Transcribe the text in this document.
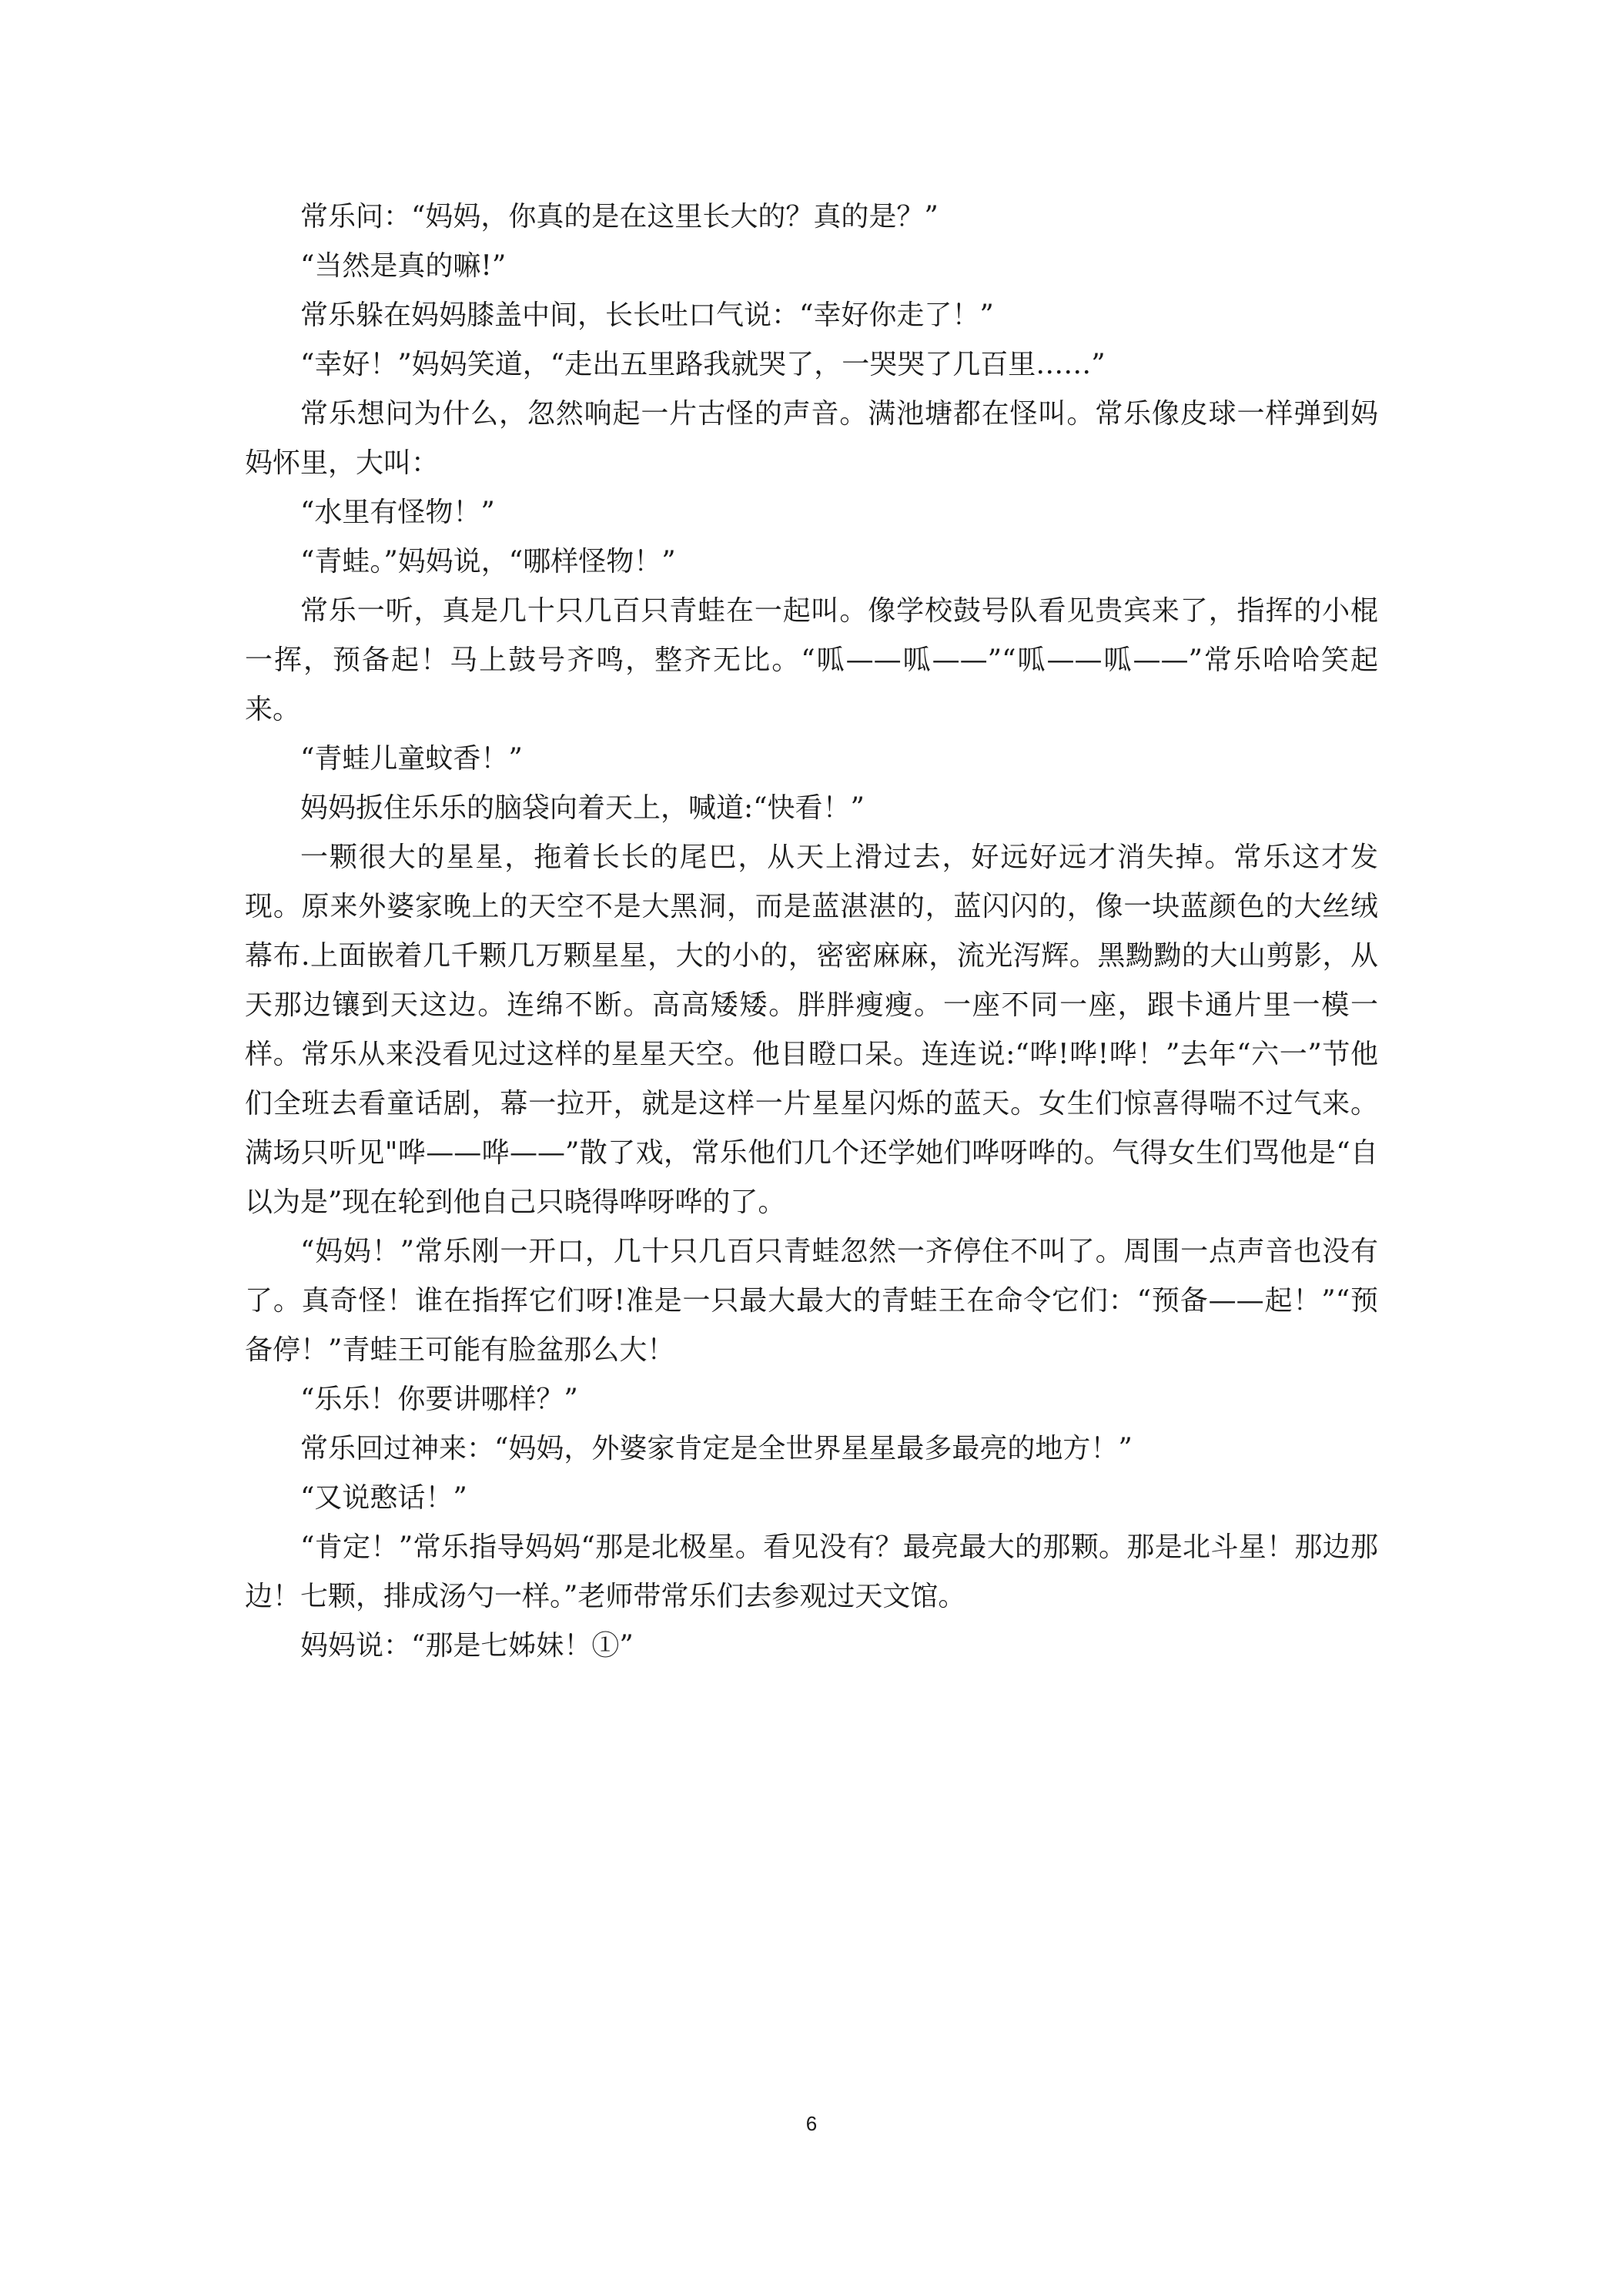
常乐问：“妈妈，你真的是在这里长大的？真的是？”

“当然是真的嘛!”

常乐躲在妈妈膝盖中间，长长吐口气说：“幸好你走了！”

“幸好！”妈妈笑道，“走出五里路我就哭了，一哭哭了几百里……”

常乐想问为什么，忽然响起一片古怪的声音。满池塘都在怪叫。常乐像皮球一样弹到妈妈怀里，大叫：

“水里有怪物！”

“青蛙。”妈妈说，“哪样怪物！”

常乐一听，真是几十只几百只青蛙在一起叫。像学校鼓号队看见贵宾来了，指挥的小棍一挥，预备起！马上鼓号齐鸣，整齐无比。“呱——呱——”“呱——呱——”常乐哈哈笑起来。

“青蛙儿童蚊香！”

妈妈扳住乐乐的脑袋向着天上，喊道:“快看！”

一颗很大的星星，拖着长长的尾巴，从天上滑过去，好远好远才消失掉。常乐这才发现。原来外婆家晚上的天空不是大黑洞，而是蓝湛湛的，蓝闪闪的，像一块蓝颜色的大丝绒幕布.上面嵌着几千颗几万颗星星，大的小的，密密麻麻，流光泻辉。黑黝黝的大山剪影，从天那边镶到天这边。连绵不断。高高矮矮。胖胖瘦瘦。一座不同一座，跟卡通片里一模一样。常乐从来没看见过这样的星星天空。他目瞪口呆。连连说:“哗!哗!哗！”去年“六一”节他们全班去看童话剧，幕一拉开，就是这样一片星星闪烁的蓝天。女生们惊喜得喘不过气来。满场只听见"哗——哗——”散了戏，常乐他们几个还学她们哗呀哗的。气得女生们骂他是“自以为是”现在轮到他自己只晓得哗呀哗的了。

“妈妈！”常乐刚一开口，几十只几百只青蛙忽然一齐停住不叫了。周围一点声音也没有了。真奇怪！谁在指挥它们呀!准是一只最大最大的青蛙王在命令它们：“预备——起！”“预备停！”青蛙王可能有脸盆那么大！

“乐乐！你要讲哪样？”

常乐回过神来：“妈妈，外婆家肯定是全世界星星最多最亮的地方！”

“又说憨话！”

“肯定！”常乐指导妈妈“那是北极星。看见没有？最亮最大的那颗。那是北斗星！那边那边！七颗，排成汤勺一样。”老师带常乐们去参观过天文馆。

妈妈说：“那是七姊妹！①”

6
